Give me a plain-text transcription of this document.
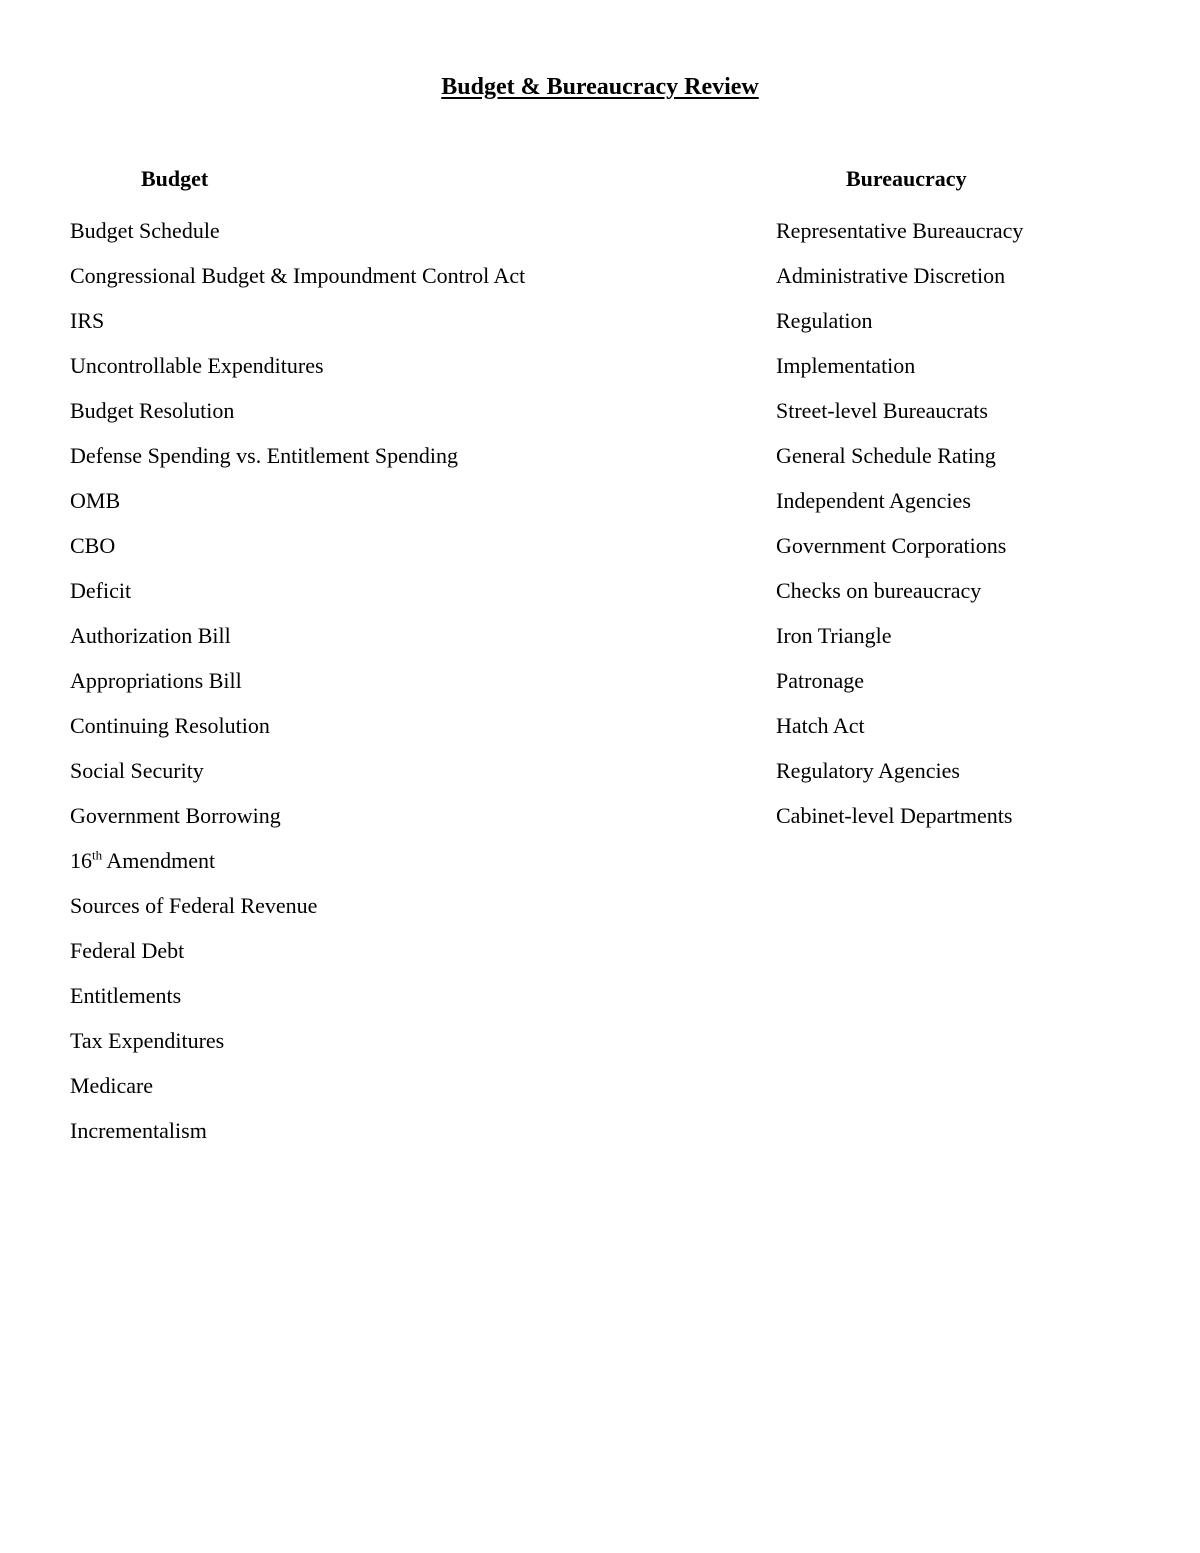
Budget & Bureaucracy Review
Budget	Bureaucracy
Budget Schedule
Congressional Budget & Impoundment Control Act
IRS
Uncontrollable Expenditures
Budget Resolution
Defense Spending vs. Entitlement Spending
OMB
CBO
Deficit
Authorization Bill
Appropriations Bill
Continuing Resolution
Social Security
Government Borrowing
16th Amendment
Sources of Federal Revenue
Federal Debt
Entitlements
Tax Expenditures
Medicare
Incrementalism
Representative Bureaucracy
Administrative Discretion
Regulation
Implementation
Street-level Bureaucrats
General Schedule Rating
Independent Agencies
Government Corporations
Checks on bureaucracy
Iron Triangle
Patronage
Hatch Act
Regulatory Agencies
Cabinet-level Departments
